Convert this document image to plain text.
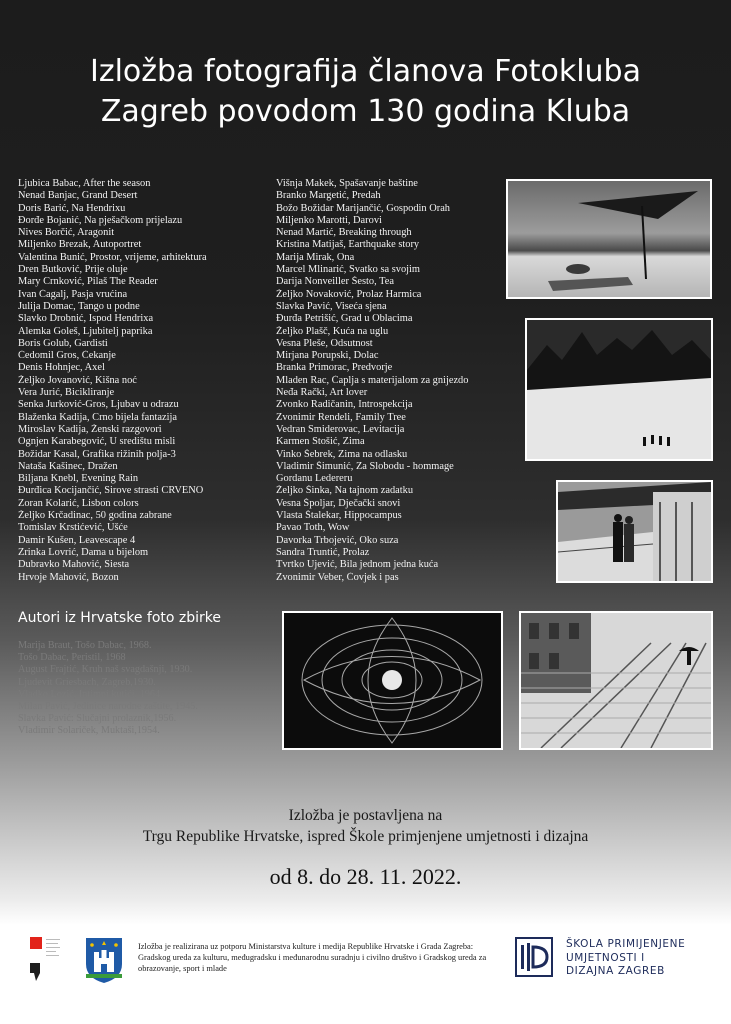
Izložba fotografija članova Fotokluba
Zagreb povodom 130 godina Kluba
Ljubica Babac, After the season
Nenad Banjac, Grand Desert
Doris Barić, Na Hendrixu
Đorđe Bojanić, Na pješačkom prijelazu
Nives Borčić, Aragonit
Miljenko Brezak, Autoportret
Valentina Bunić, Prostor, vrijeme, arhitektura
Dren Butković, Prije oluje
Mary Crnković, Pilaš The Reader
Ivan Čagalj, Pasja vrućina
Julija Domac, Tango u podne
Slavko Drobnić, Ispod Hendrixa
Alemka Goleš, Ljubitelj paprika
Boris Golub, Gardisti
Čedomil Gros, Čekanje
Denis Hohnjec, Axel
Željko Jovanović, Kišna noć
Vera Jurić, Bicikliranje
Senka Jurković-Gros, Ljubav u odrazu
Blaženka Kadija, Crno bijela fantazija
Miroslav Kadija, Ženski razgovori
Ognjen Karabegović, U središtu misli
Božidar Kasal, Grafika rižinih polja-3
Nataša Kašinec, Dražen
Biljana Knebl, Evening Rain
Đurđica Kocijančić, Sirove strasti CRVENO
Zoran Kolarić, Lisbon colors
Željko Krčadinac, 50 godina zabrane
Tomislav Krstićević, Ušće
Damir Kušen, Leavescape 4
Zrinka Lovrić, Dama u bijelom
Dubravko Mahović, Siesta
Hrvoje Mahović, Bozon
Višnja Makek, Spašavanje baštine
Branko Margetić, Predah
Božo Božidar Marijančić, Gospodin Orah
Miljenko Marotti, Darovi
Nenad Martić, Breaking through
Kristina Matijaš, Earthquake story
Marija Mirak, Ona
Marcel Mlinarić, Svatko sa svojim
Darija Nonveiller Šesto, Tea
Željko Novaković, Prolaz Harmica
Slavka Pavić, Viseća sjena
Đurđa Petrišić, Grad u Oblacima
Željko Plašč, Kuća na uglu
Vesna Pleše, Odsutnost
Mirjana Porupski, Dolac
Branka Primorac, Predvorje
Mladen Rac, Čaplja s materijalom za gnijezdo
Neđa Rački, Art lover
Zvonko Radičanin, Introspekcija
Zvonimir Rendeli, Family Tree
Vedran Smiderovac, Levitacija
Karmen Stošić, Zima
Vinko Šebrek, Zima na odlasku
Vladimir Šimunić, Za Slobodu - hommage
Gordanu Ledereru
Željko Šinka, Na tajnom zadatku
Vesna Špoljar, Dječački snovi
Vlasta Štalekar, Hippocampus
Pavao Toth, Wow
Davorka Trbojević, Oko suza
Sandra Truntić, Prolaz
Tvrtko Ujević, Bila jednom jedna kuća
Zvonimir Veber, Čovjek i pas
Autori iz Hrvatske foto zbirke
Marija Braut, Tošo Dabac, 1968.
Tošo Dabac, Peristil, 1968
August Frajtić, Kruh naš svagdašnji, 1930.
Ljudevit Griesbach, Zagreb,1930.
Vladko Lozić, Intimni kutići, 1964.
Milan Pavić, Jedinice narodne zaštite, 1945.
Slavka Pavić: Slučajni prolaznik,1956.
Vladimir Solariček, Muktaši,1954.
Izložba je postavljena na
Trgu Republike Hrvatske, ispred Škole primjenjene umjetnosti i dizajna
od 8. do 28. 11. 2022.
Izložba je realizirana uz potporu Ministarstva kulture i medija Republike Hrvatske i Grada Zagreba: Gradskog ureda za kulturu, međugradsku i međunarodnu suradnju i civilno društvo i Gradskog ureda za obrazovanje, sport i mlade
ŠKOLA PRIMIJENJENE
UMJETNOSTI I
DIZAJNA ZAGREB
